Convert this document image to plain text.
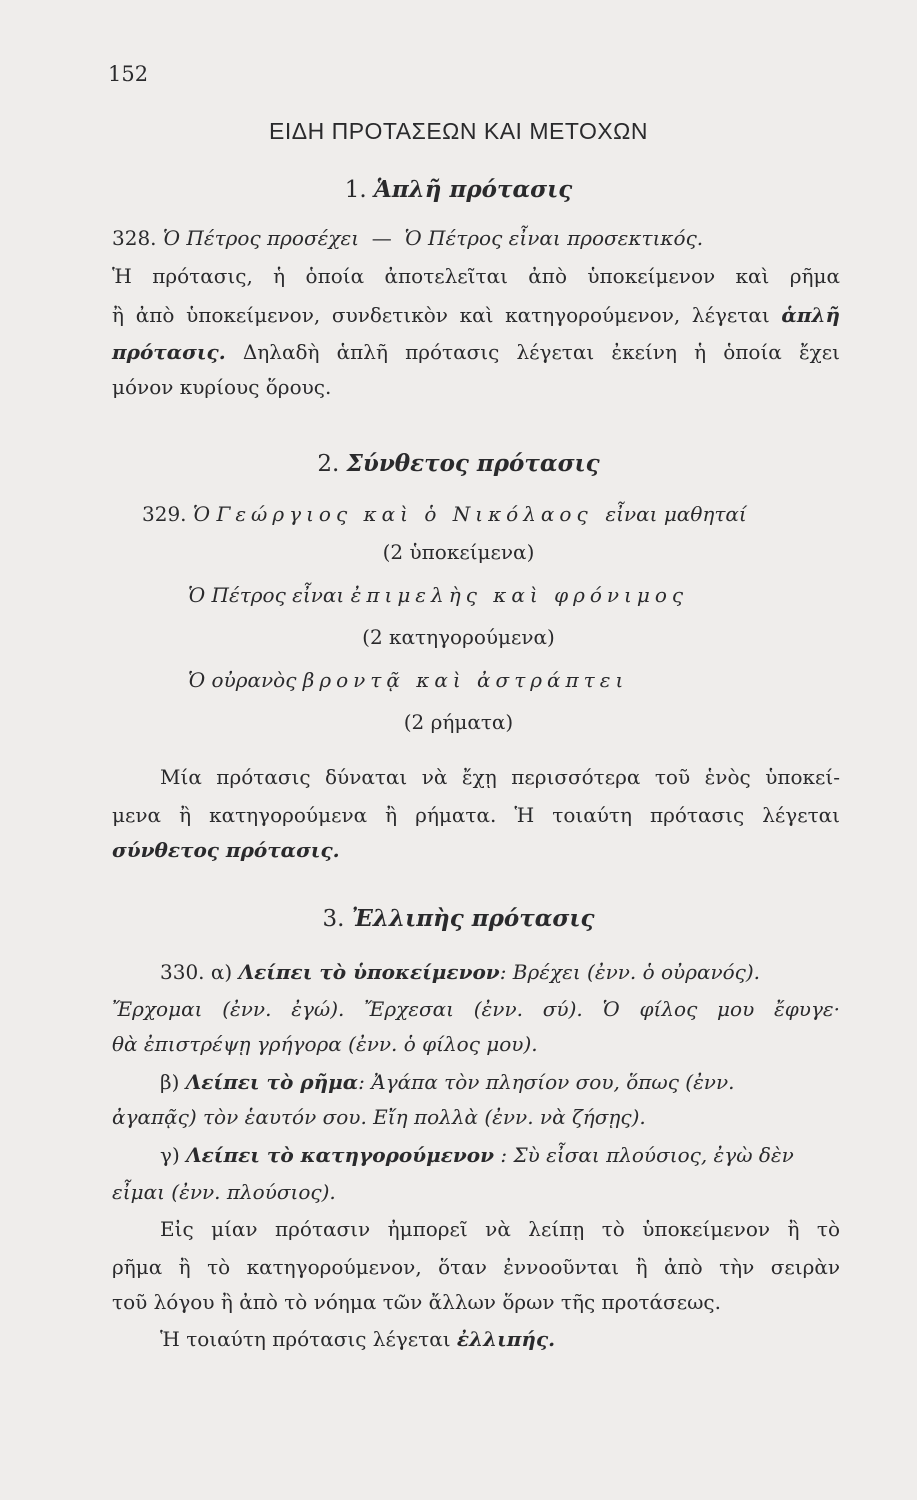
152
ΕΙΔΗ ΠΡΟΤΑΣΕΩΝ ΚΑΙ ΜΕΤΟΧΩΝ
1. Ἁπλῆ πρότασις
328. Ὁ Πέτρος προσέχει — Ὁ Πέτρος εἶναι προσεκτικός.
Ἡ πρότασις, ἡ ὁποία ἀποτελεῖται ἀπὸ ὑποκείμενον καὶ ρῆμα
ἢ ἀπὸ ὑποκείμενον, συνδετικὸν καὶ κατηγορούμενον, λέγεται ἁπλῆ
πρότασις. Δηλαδὴ ἁπλῆ πρότασις λέγεται ἐκείνη ἡ ὁποία ἔχει
μόνον κυρίους ὅρους.
2. Σύνθετος πρότασις
329. Ὁ Γεώργιος καὶ ὁ Νικόλαος εἶναι μαθηταί
(2 ὑποκείμενα)
Ὁ Πέτρος εἶναι ἐπιμελὴς καὶ φρόνιμος
(2 κατηγορούμενα)
Ὁ οὐρανὸς βροντᾷ καὶ ἀστράπτει
(2 ρήματα)
Μία πρότασις δύναται νὰ ἔχῃ περισσότερα τοῦ ἑνὸς ὑποκεί-
μενα ἢ κατηγορούμενα ἢ ρήματα. Ἡ τοιαύτη πρότασις λέγεται
σύνθετος πρότασις.
3. Ἐλλιπὴς πρότασις
330. α) Λείπει τὸ ὑποκείμενον: Βρέχει (ἐνν. ὁ οὐρανός).
Ἔρχομαι (ἐνν. ἐγώ). Ἔρχεσαι (ἐνν. σύ). Ὁ φίλος μου ἔφυγε·
θὰ ἐπιστρέψῃ γρήγορα (ἐνν. ὁ φίλος μου).
β) Λείπει τὸ ρῆμα: Ἀγάπα τὸν πλησίον σου, ὅπως (ἐνν.
ἀγαπᾷς) τὸν ἑαυτόν σου. Εἴη πολλὰ (ἐνν. νὰ ζήσῃς).
γ) Λείπει τὸ κατηγορούμενον : Σὺ εἶσαι πλούσιος, ἐγὼ δὲν
εἶμαι (ἐνν. πλούσιος).
Εἰς μίαν πρότασιν ἠμπορεῖ νὰ λείπῃ τὸ ὑποκείμενον ἢ τὸ
ρῆμα ἢ τὸ κατηγορούμενον, ὅταν ἐννοοῦνται ἢ ἀπὸ τὴν σειρὰν
τοῦ λόγου ἢ ἀπὸ τὸ νόημα τῶν ἄλλων ὅρων τῆς προτάσεως.
Ἡ τοιαύτη πρότασις λέγεται ἐλλιπής.
